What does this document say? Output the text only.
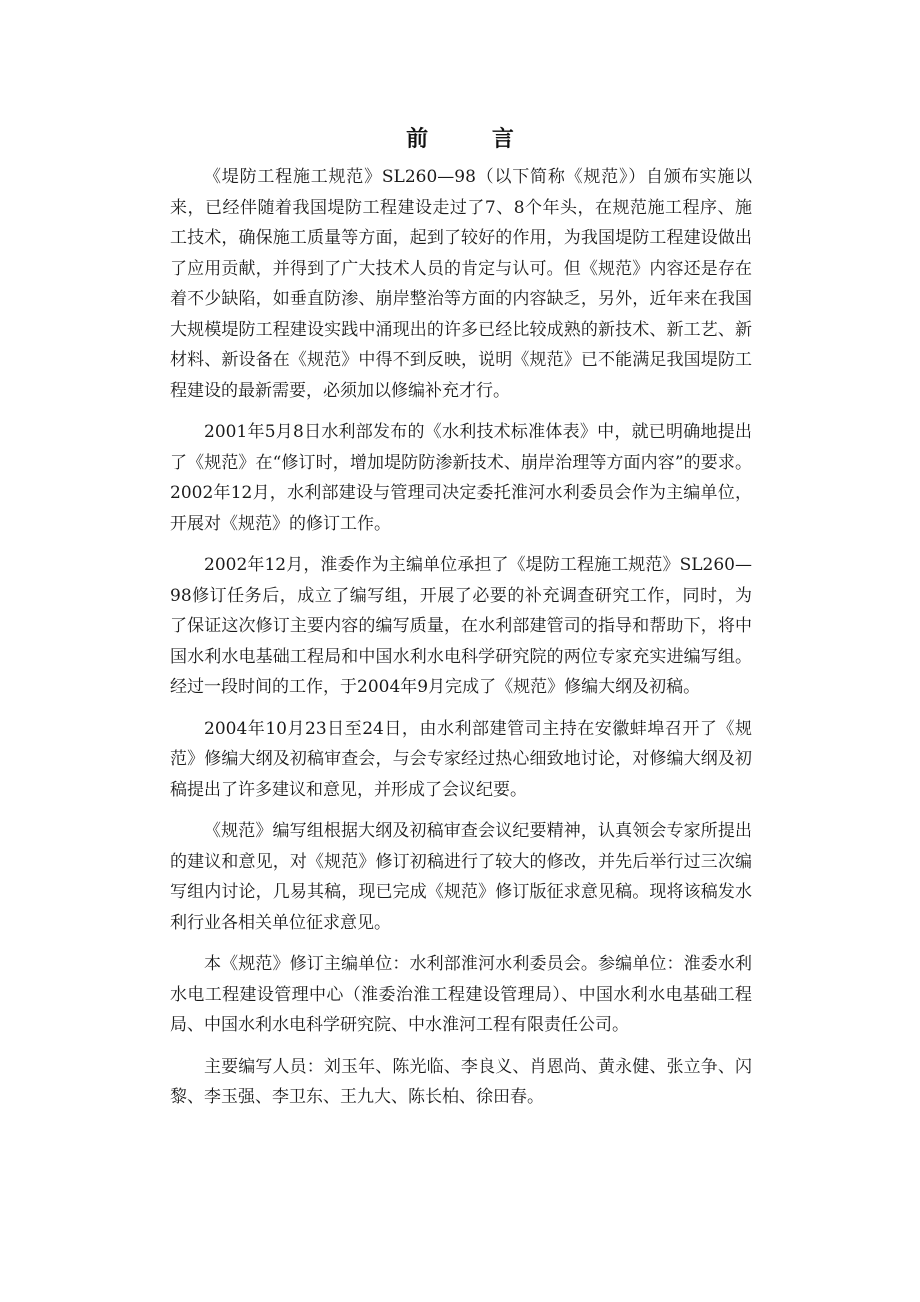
前 言

《堤防工程施工规范》SL260—98（以下简称《规范》）自颁布实施以来，已经伴随着我国堤防工程建设走过了7、8个年头，在规范施工程序、施工技术，确保施工质量等方面，起到了较好的作用，为我国堤防工程建设做出了应用贡献，并得到了广大技术人员的肯定与认可。但《规范》内容还是存在着不少缺陷，如垂直防渗、崩岸整治等方面的内容缺乏，另外，近年来在我国大规模堤防工程建设实践中涌现出的许多已经比较成熟的新技术、新工艺、新材料、新设备在《规范》中得不到反映，说明《规范》已不能满足我国堤防工程建设的最新需要，必须加以修编补充才行。

2001年5月8日水利部发布的《水利技术标准体表》中，就已明确地提出了《规范》在“修订时，增加堤防防渗新技术、崩岸治理等方面内容”的要求。2002年12月，水利部建设与管理司决定委托淮河水利委员会作为主编单位，开展对《规范》的修订工作。

2002年12月，淮委作为主编单位承担了《堤防工程施工规范》SL260—98修订任务后，成立了编写组，开展了必要的补充调查研究工作，同时，为了保证这次修订主要内容的编写质量，在水利部建管司的指导和帮助下，将中国水利水电基础工程局和中国水利水电科学研究院的两位专家充实进编写组。经过一段时间的工作，于2004年9月完成了《规范》修编大纲及初稿。

2004年10月23日至24日，由水利部建管司主持在安徽蚌埠召开了《规范》修编大纲及初稿审查会，与会专家经过热心细致地讨论，对修编大纲及初稿提出了许多建议和意见，并形成了会议纪要。

《规范》编写组根据大纲及初稿审查会议纪要精神，认真领会专家所提出的建议和意见，对《规范》修订初稿进行了较大的修改，并先后举行过三次编写组内讨论，几易其稿，现已完成《规范》修订版征求意见稿。现将该稿发水利行业各相关单位征求意见。

本《规范》修订主编单位：水利部淮河水利委员会。参编单位：淮委水利水电工程建设管理中心（淮委治淮工程建设管理局）、中国水利水电基础工程局、中国水利水电科学研究院、中水淮河工程有限责任公司。

主要编写人员：刘玉年、陈光临、李良义、肖恩尚、黄永健、张立争、闪黎、李玉强、李卫东、王九大、陈长柏、徐田春。
